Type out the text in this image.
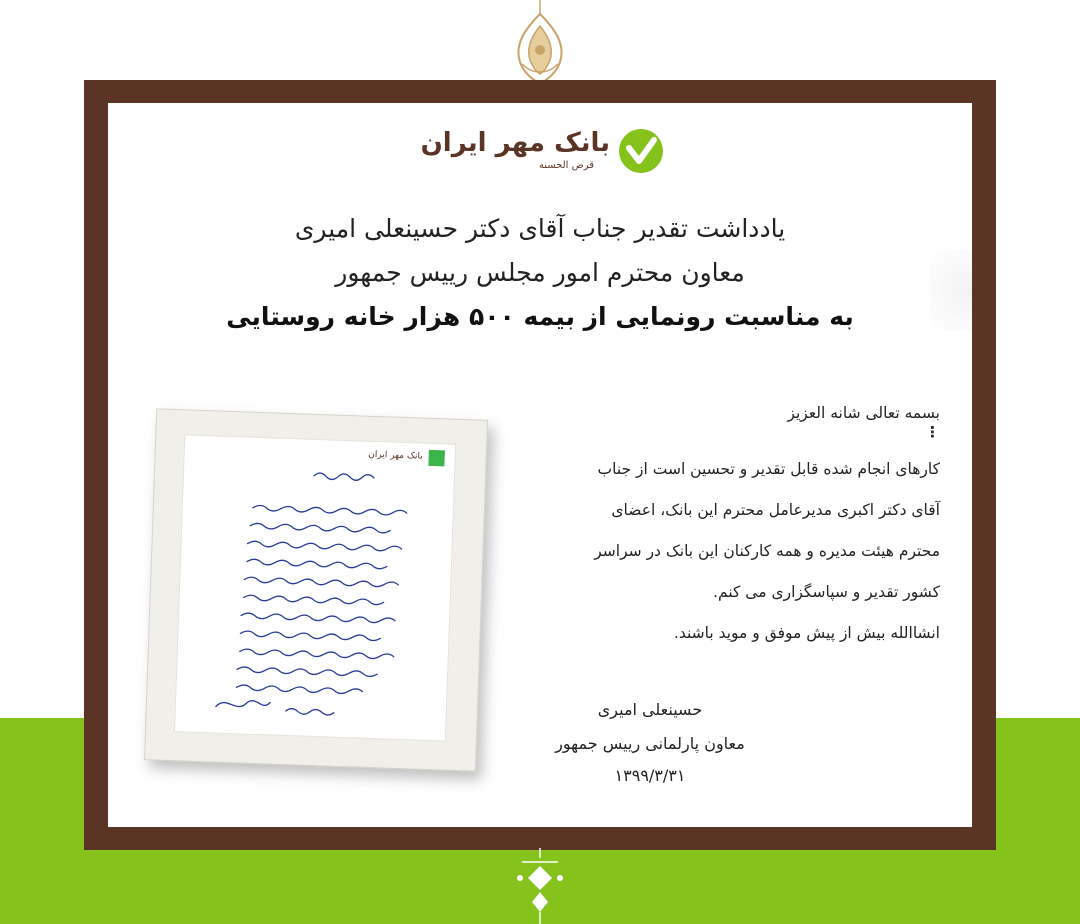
بانک مهر ایران
قرض الحسنه
یادداشت تقدیر جناب آقای دکتر حسینعلی امیری
معاون محترم امور مجلس رییس جمهور
به مناسبت رونمایی از بیمه ۵۰۰ هزار خانه روستایی
بانک مهر ایران
بسمه تعالی شانه العزیز
⋮
کارهای انجام شده قابل تقدیر و تحسین است از جناب
آقای دکتر اکبری مدیرعامل محترم این بانک، اعضای
محترم هیئت مدیره و همه کارکنان این بانک در سراسر
کشور تقدیر و سپاسگزاری می کنم.
انشاالله بیش از پیش موفق و موید باشند.
حسینعلی امیری
معاون پارلمانی رییس جمهور
۱۳۹۹/۳/۳۱
